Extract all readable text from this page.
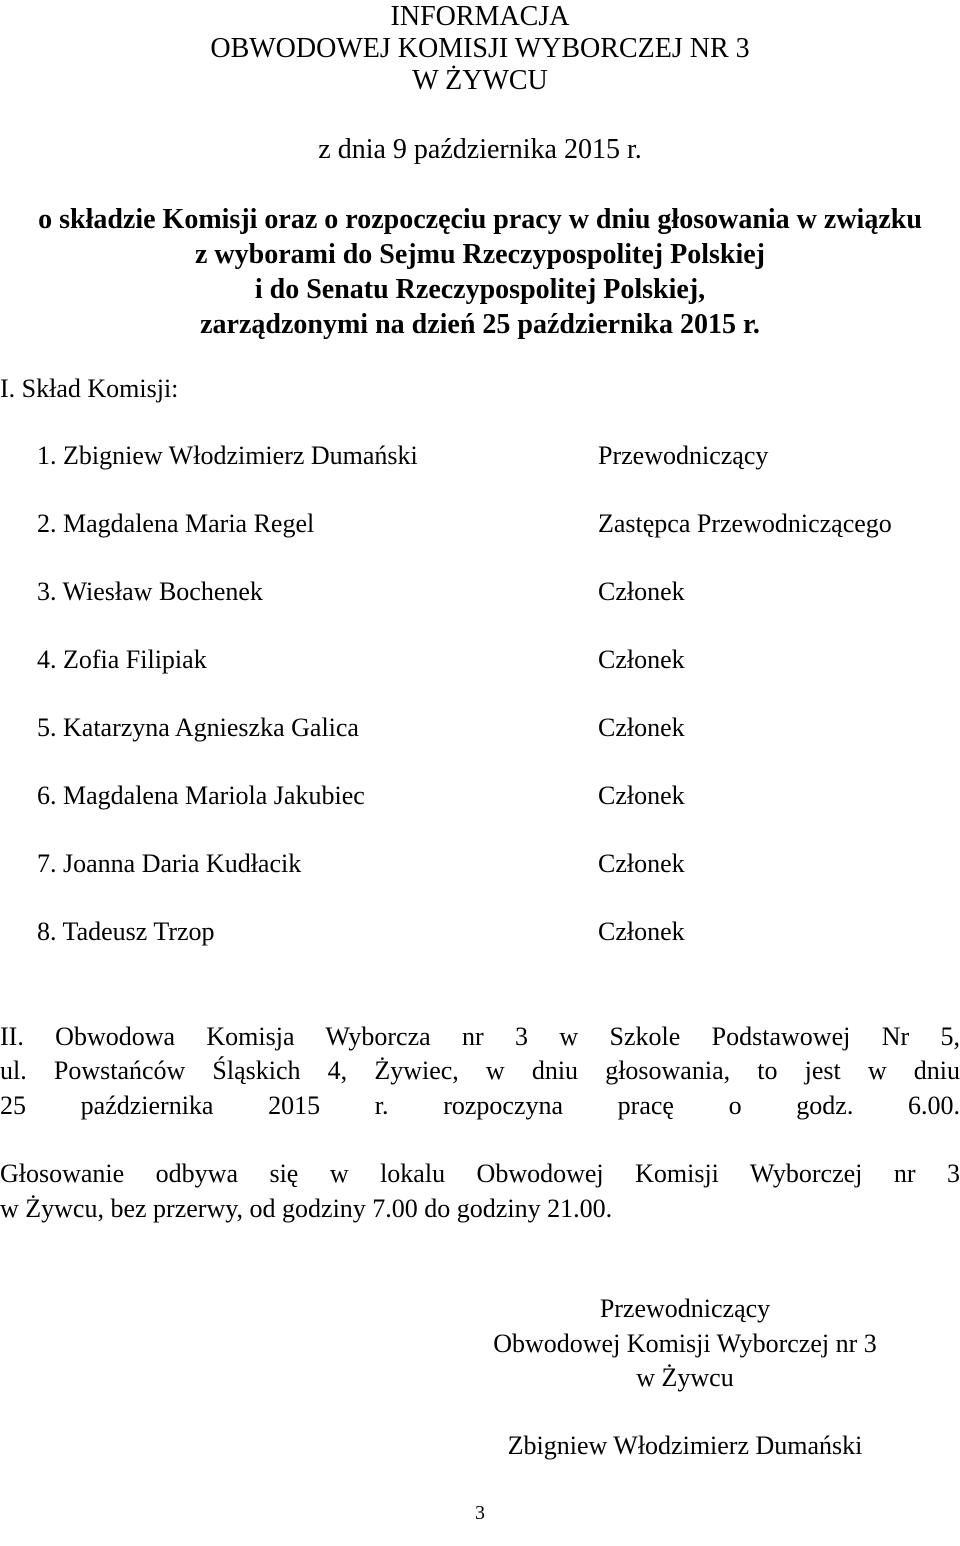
INFORMACJA
OBWODOWEJ KOMISJI WYBORCZEJ NR 3
W ŻYWCU
z dnia 9 października 2015 r.
o składzie Komisji oraz o rozpoczęciu pracy w dniu głosowania w związku
z wyborami do Sejmu Rzeczypospolitej Polskiej
i do Senatu Rzeczypospolitej Polskiej,
zarządzonymi na dzień 25 października 2015 r.
I. Skład Komisji:
1. Zbigniew Włodzimierz Dumański	Przewodniczący
2. Magdalena Maria Regel	Zastępca Przewodniczącego
3. Wiesław Bochenek	Członek
4. Zofia Filipiak	Członek
5. Katarzyna Agnieszka Galica	Członek
6. Magdalena Mariola Jakubiec	Członek
7. Joanna Daria Kudłacik	Członek
8. Tadeusz Trzop	Członek
II. Obwodowa Komisja Wyborcza nr 3 w Szkole Podstawowej Nr 5,
ul. Powstańców Śląskich 4, Żywiec, w dniu głosowania, to jest w dniu
25 października 2015 r. rozpoczyna pracę o godz. 6.00.
Głosowanie odbywa się w lokalu Obwodowej Komisji Wyborczej nr 3
w Żywcu, bez przerwy, od godziny 7.00 do godziny 21.00.
Przewodniczący
Obwodowej Komisji Wyborczej nr 3
w Żywcu
Zbigniew Włodzimierz Dumański
3
